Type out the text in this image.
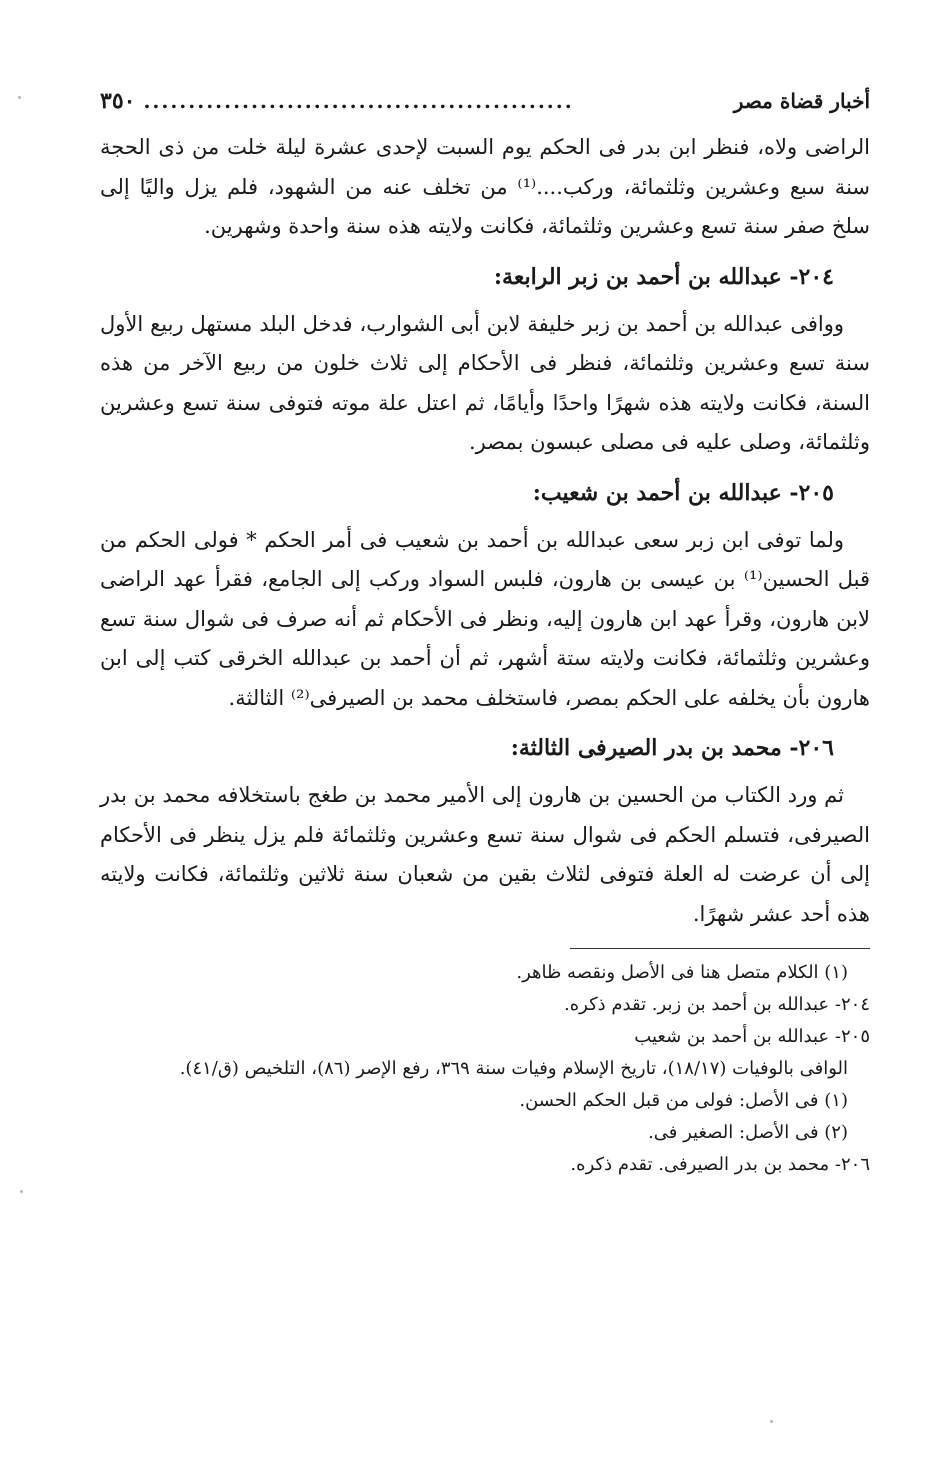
أخبار قضاة مصر
................................................
٣٥٠

الراضى ولاه، فنظر ابن بدر فى الحكم يوم السبت لإحدى عشرة ليلة خلت من ذى الحجة سنة سبع وعشرين وثلثمائة، وركب....⁽¹⁾ من تخلف عنه من الشهود، فلم يزل واليًا إلى سلخ صفر سنة تسع وعشرين وثلثمائة، فكانت ولايته هذه سنة واحدة وشهرين.

٢٠٤- عبدالله بن أحمد بن زبر الرابعة:

ووافى عبدالله بن أحمد بن زبر خليفة لابن أبى الشوارب، فدخل البلد مستهل ربيع الأول سنة تسع وعشرين وثلثمائة، فنظر فى الأحكام إلى ثلاث خلون من ربيع الآخر من هذه السنة، فكانت ولايته هذه شهرًا واحدًا وأيامًا، ثم اعتل علة موته فتوفى سنة تسع وعشرين وثلثمائة، وصلى عليه فى مصلى عبسون بمصر.

٢٠٥- عبدالله بن أحمد بن شعيب:

ولما توفى ابن زبر سعى عبدالله بن أحمد بن شعيب فى أمر الحكم * فولى الحكم من قبل الحسين⁽¹⁾ بن عيسى بن هارون، فلبس السواد وركب إلى الجامع، فقرأ عهد الراضى لابن هارون، وقرأ عهد ابن هارون إليه، ونظر فى الأحكام ثم أنه صرف فى شوال سنة تسع وعشرين وثلثمائة، فكانت ولايته ستة أشهر، ثم أن أحمد بن عبدالله الخرقى كتب إلى ابن هارون بأن يخلفه على الحكم بمصر، فاستخلف محمد بن الصيرفى⁽²⁾ الثالثة.

٢٠٦- محمد بن بدر الصيرفى الثالثة:

ثم ورد الكتاب من الحسين بن هارون إلى الأمير محمد بن طغج باستخلافه محمد بن بدر الصيرفى، فتسلم الحكم فى شوال سنة تسع وعشرين وثلثمائة فلم يزل ينظر فى الأحكام إلى أن عرضت له العلة فتوفى لثلاث بقين من شعبان سنة ثلاثين وثلثمائة، فكانت ولايته هذه أحد عشر شهرًا.

(١) الكلام متصل هنا فى الأصل ونقصه ظاهر.

٢٠٤- عبدالله بن أحمد بن زبر. تقدم ذكره.

٢٠٥- عبدالله بن أحمد بن شعيب

الوافى بالوفيات (١٨/١٧)، تاريخ الإسلام وفيات سنة ٣٦٩، رفع الإصر (٨٦)، التلخيص (ق/٤١).

(١) فى الأصل: فولى من قبل الحكم الحسن.

(٢) فى الأصل: الصغير فى.

٢٠٦- محمد بن بدر الصيرفى. تقدم ذكره.
